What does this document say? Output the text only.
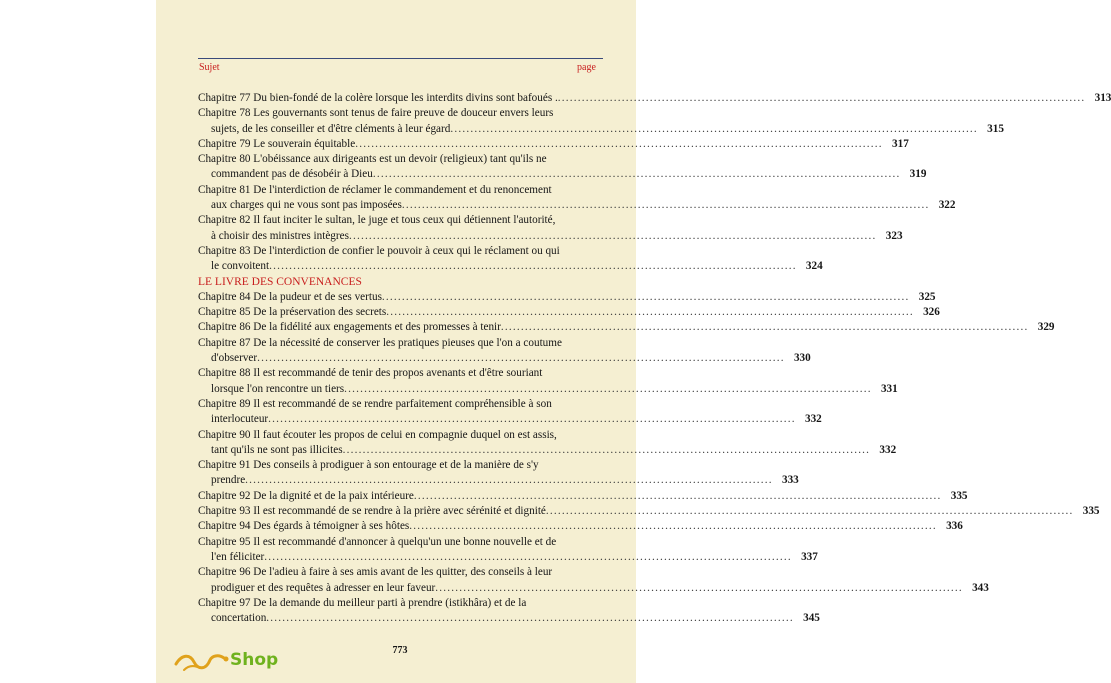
Sujet	page
Chapitre 77 Du bien-fondé de la colère lorsque les interdits divins sont bafoués . .....	313
Chapitre 78 Les gouvernants sont tenus de faire preuve de douceur envers leurs
sujets, de les conseiller et d'être cléments à leur égard .....	315
Chapitre 79 Le souverain équitable .....	317
Chapitre 80 L'obéissance aux dirigeants est un devoir (religieux) tant qu'ils ne
commandent pas de désobéir à Dieu .....	319
Chapitre 81 De l'interdiction de réclamer le commandement et du renoncement
aux charges qui ne vous sont pas imposées .....	322
Chapitre 82 Il faut inciter le sultan, le juge et tous ceux qui détiennent l'autorité,
à choisir des ministres intègres .....	323
Chapitre 83 De l'interdiction de confier le pouvoir à ceux qui le réclament ou qui
le convoitent .....	324
LE LIVRE DES CONVENANCES
Chapitre 84 De la pudeur et de ses vertus .....	325
Chapitre 85 De la préservation des secrets .....	326
Chapitre 86 De la fidélité aux engagements et des promesses à tenir .....	329
Chapitre 87 De la nécessité de conserver les pratiques pieuses que l'on a coutume
d'observer .....	330
Chapitre 88 Il est recommandé de tenir des propos avenants et d'être souriant
lorsque l'on rencontre un tiers .....	331
Chapitre 89 Il est recommandé de se rendre parfaitement compréhensible à son
interlocuteur .....	332
Chapitre 90 Il faut écouter les propos de celui en compagnie duquel on est assis,
tant qu'ils ne sont pas illicites .....	332
Chapitre 91 Des conseils à prodiguer à son entourage et de la manière de s'y
prendre .....	333
Chapitre 92 De la dignité et de la paix intérieure .....	335
Chapitre 93 Il est recommandé de se rendre à la prière avec sérénité et dignité .....	335
Chapitre 94 Des égards à témoigner à ses hôtes .....	336
Chapitre 95 Il est recommandé d'annoncer à quelqu'un une bonne nouvelle et de
l'en féliciter .....	337
Chapitre 96 De l'adieu à faire à ses amis avant de les quitter, des conseils à leur
prodiguer et des requêtes à adresser en leur faveur .....	343
Chapitre 97 De la demande du meilleur parti à prendre (istikhâra) et de la
concertation .....	345
773
Shop
